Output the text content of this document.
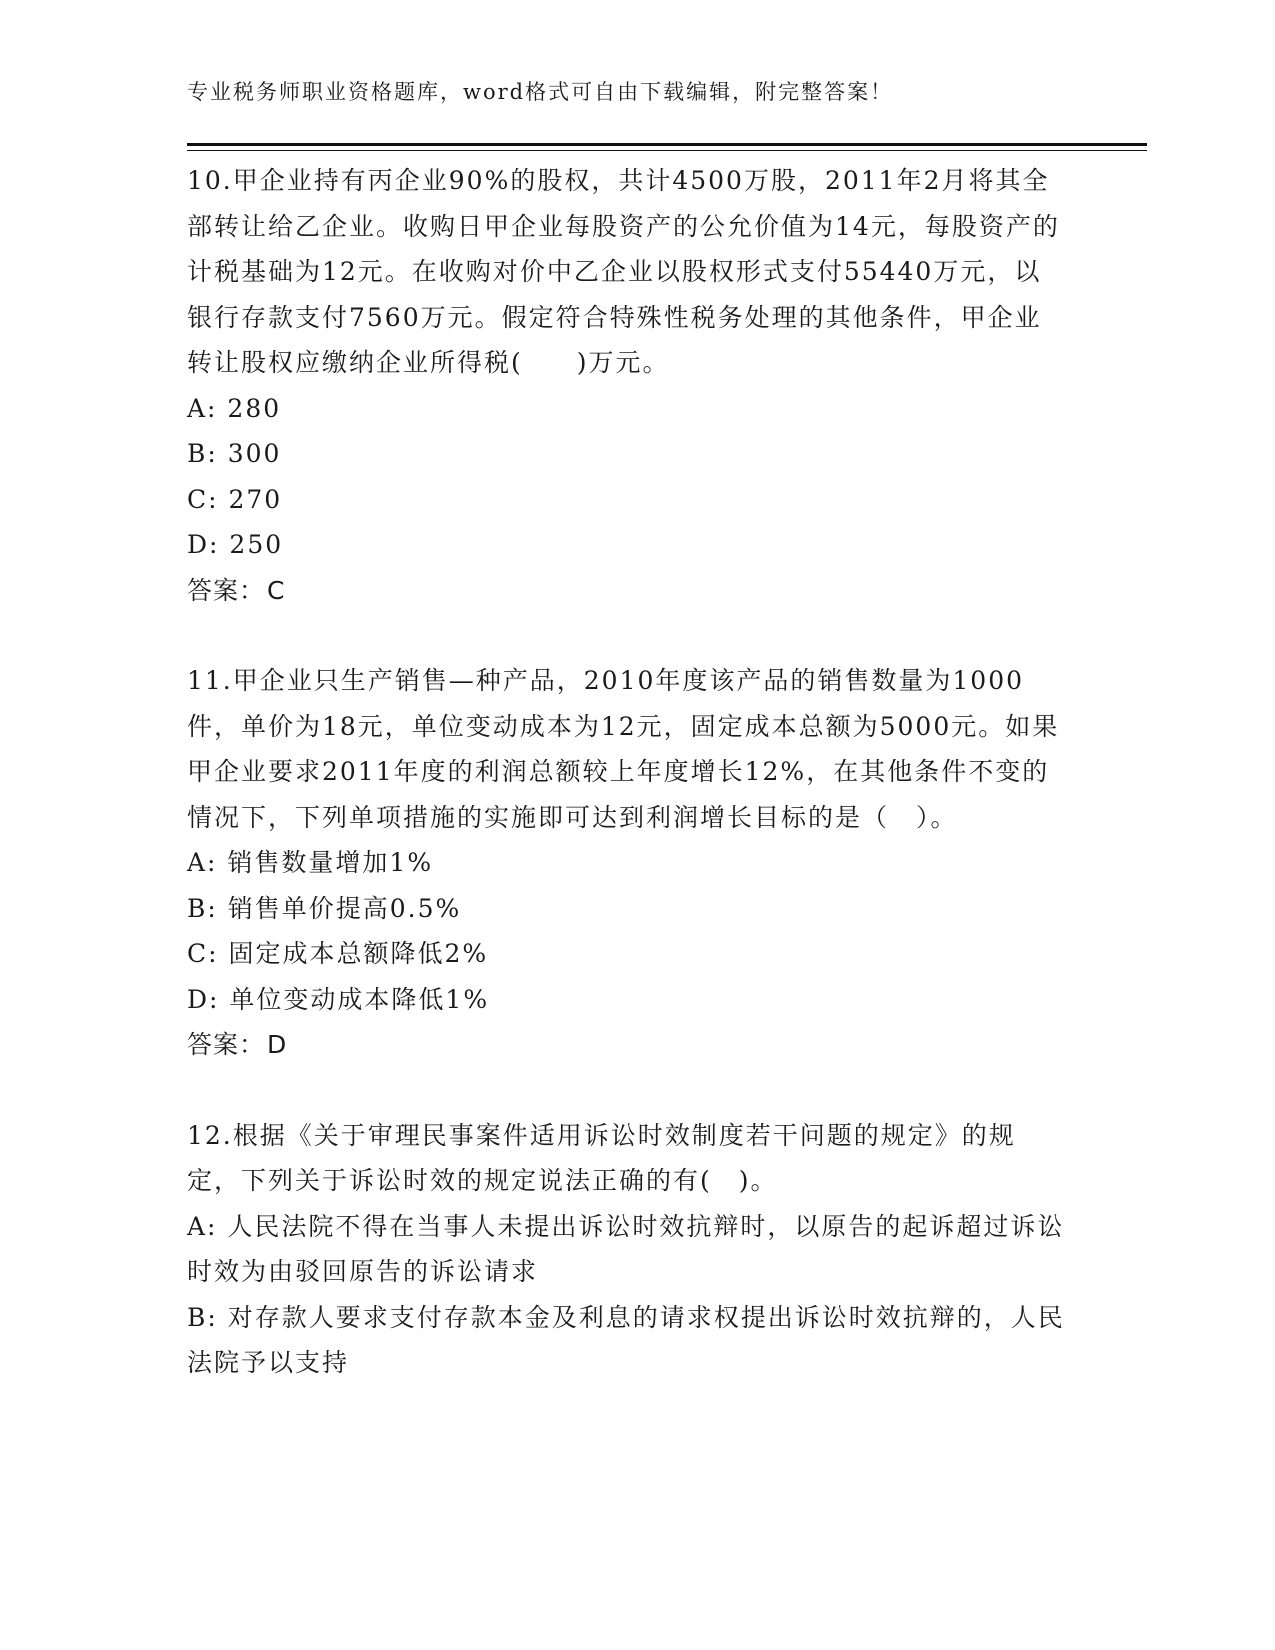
专业税务师职业资格题库，word格式可自由下载编辑，附完整答案！

10.甲企业持有丙企业90%的股权，共计4500万股，2011年2月将其全部转让给乙企业。收购日甲企业每股资产的公允价值为14元，每股资产的计税基础为12元。在收购对价中乙企业以股权形式支付55440万元，以银行存款支付7560万元。假定符合特殊性税务处理的其他条件，甲企业转让股权应缴纳企业所得税(　　)万元。

A: 280
B: 300
C: 270
D: 250
答案：C

11.甲企业只生产销售—种产品，2010年度该产品的销售数量为1000件，单价为18元，单位变动成本为12元，固定成本总额为5000元。如果甲企业要求2011年度的利润总额较上年度增长12%，在其他条件不变的情况下，下列单项措施的实施即可达到利润增长目标的是（　）。

A: 销售数量增加1%
B: 销售单价提高0.5%
C: 固定成本总额降低2%
D: 单位变动成本降低1%
答案：D

12.根据《关于审理民事案件适用诉讼时效制度若干问题的规定》的规定，下列关于诉讼时效的规定说法正确的有(　)。

A: 人民法院不得在当事人未提出诉讼时效抗辩时，以原告的起诉超过诉讼时效为由驳回原告的诉讼请求
B: 对存款人要求支付存款本金及利息的请求权提出诉讼时效抗辩的，人民法院予以支持
